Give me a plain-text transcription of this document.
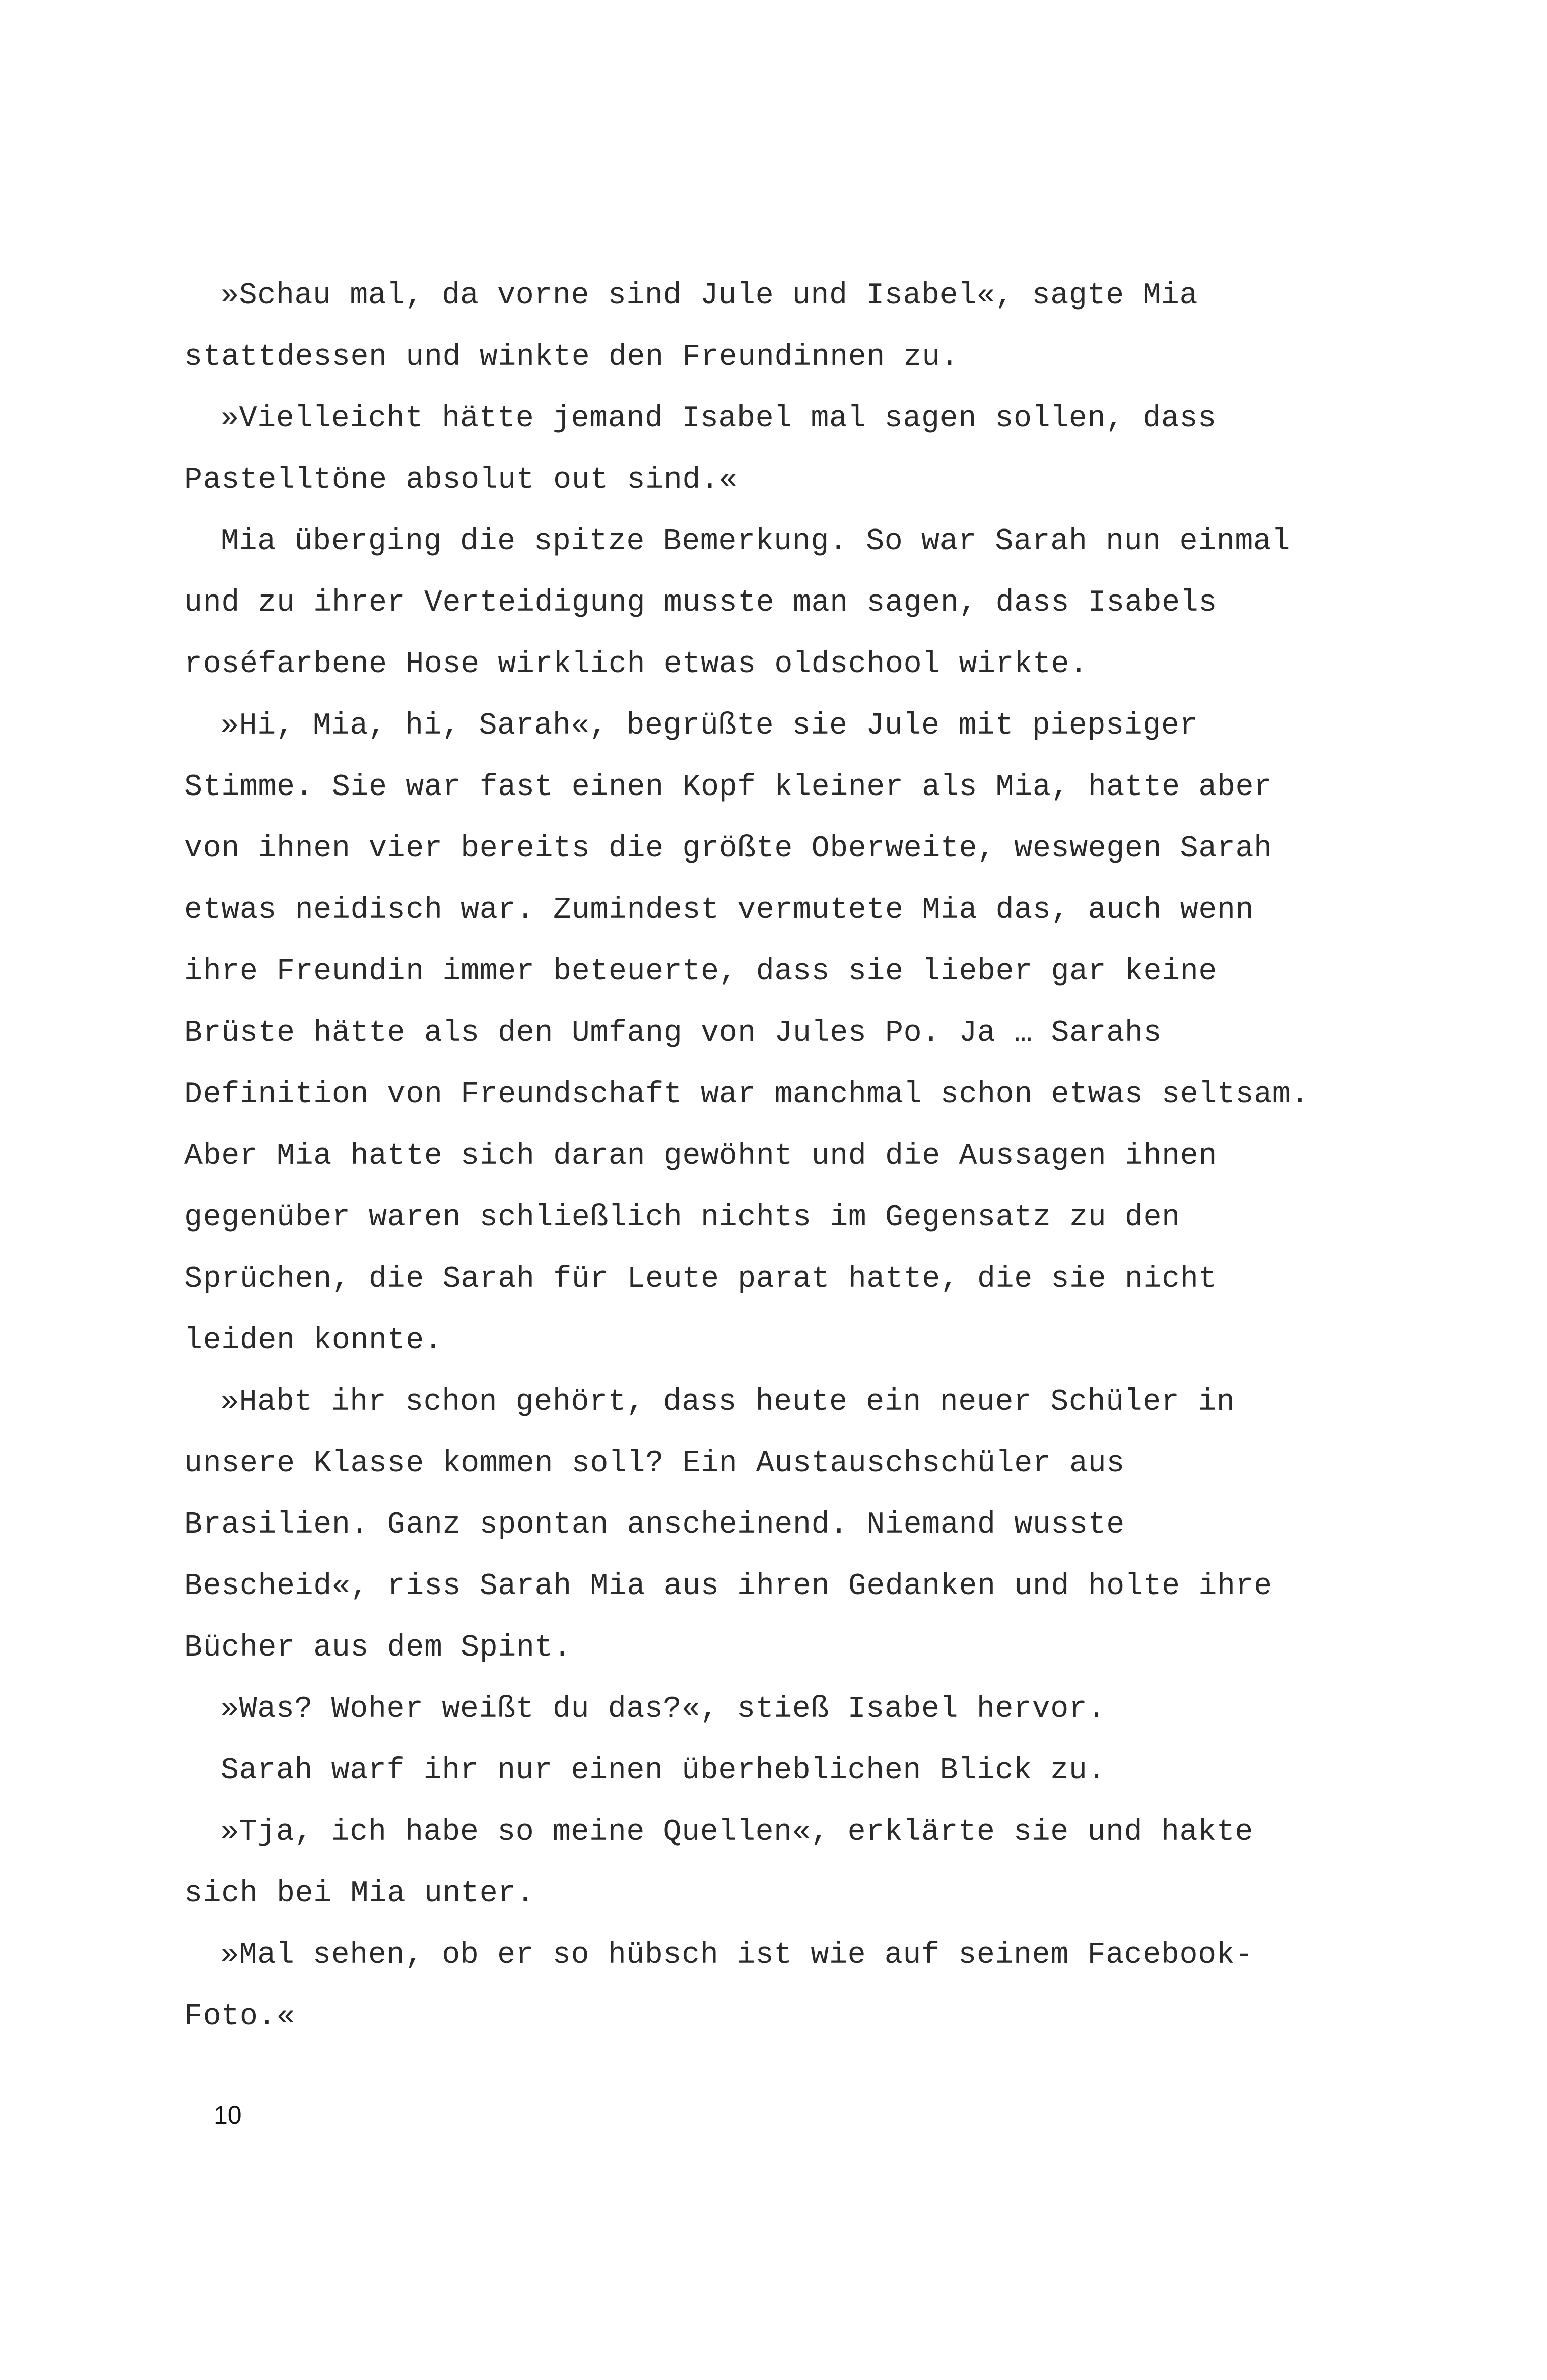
»Schau mal, da vorne sind Jule und Isabel«, sagte Mia stattdessen und winkte den Freundinnen zu.

»Vielleicht hätte jemand Isabel mal sagen sollen, dass Pastelltöne absolut out sind.«

Mia überging die spitze Bemerkung. So war Sarah nun einmal und zu ihrer Verteidigung musste man sagen, dass Isabels roséfarbene Hose wirklich etwas oldschool wirkte.

»Hi, Mia, hi, Sarah«, begrüßte sie Jule mit piepsiger Stimme. Sie war fast einen Kopf kleiner als Mia, hatte aber von ihnen vier bereits die größte Oberweite, weswegen Sarah etwas neidisch war. Zumindest vermutete Mia das, auch wenn ihre Freundin immer beteuerte, dass sie lieber gar keine Brüste hätte als den Umfang von Jules Po. Ja … Sarahs Definition von Freundschaft war manchmal schon etwas seltsam. Aber Mia hatte sich daran gewöhnt und die Aussagen ihnen gegenüber waren schließlich nichts im Gegensatz zu den Sprüchen, die Sarah für Leute parat hatte, die sie nicht leiden konnte.

»Habt ihr schon gehört, dass heute ein neuer Schüler in unsere Klasse kommen soll? Ein Austauschschüler aus Brasilien. Ganz spontan anscheinend. Niemand wusste Bescheid«, riss Sarah Mia aus ihren Gedanken und holte ihre Bücher aus dem Spint.

»Was? Woher weißt du das?«, stieß Isabel hervor.

Sarah warf ihr nur einen überheblichen Blick zu.

»Tja, ich habe so meine Quellen«, erklärte sie und hakte sich bei Mia unter.

»Mal sehen, ob er so hübsch ist wie auf seinem Facebook-Foto.«

10
